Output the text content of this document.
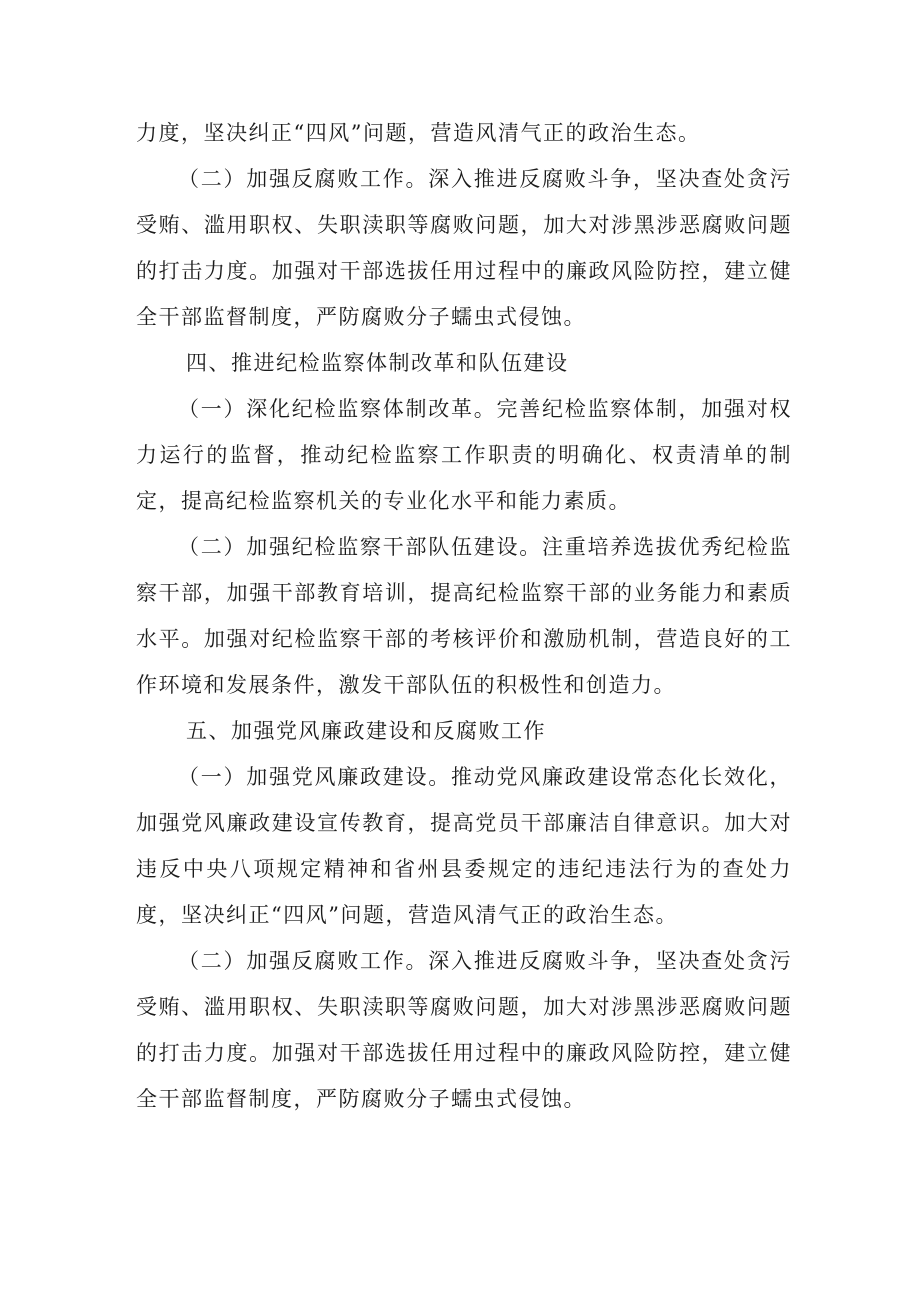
力度，坚决纠正“四风”问题，营造风清气正的政治生态。

（二）加强反腐败工作。深入推进反腐败斗争，坚决查处贪污受贿、滥用职权、失职渎职等腐败问题，加大对涉黑涉恶腐败问题的打击力度。加强对干部选拔任用过程中的廉政风险防控，建立健全干部监督制度，严防腐败分子蠕虫式侵蚀。

四、推进纪检监察体制改革和队伍建设

（一）深化纪检监察体制改革。完善纪检监察体制，加强对权力运行的监督，推动纪检监察工作职责的明确化、权责清单的制定，提高纪检监察机关的专业化水平和能力素质。

（二）加强纪检监察干部队伍建设。注重培养选拔优秀纪检监察干部，加强干部教育培训，提高纪检监察干部的业务能力和素质水平。加强对纪检监察干部的考核评价和激励机制，营造良好的工作环境和发展条件，激发干部队伍的积极性和创造力。

五、加强党风廉政建设和反腐败工作

（一）加强党风廉政建设。推动党风廉政建设常态化长效化，加强党风廉政建设宣传教育，提高党员干部廉洁自律意识。加大对违反中央八项规定精神和省州县委规定的违纪违法行为的查处力度，坚决纠正“四风”问题，营造风清气正的政治生态。

（二）加强反腐败工作。深入推进反腐败斗争，坚决查处贪污受贿、滥用职权、失职渎职等腐败问题，加大对涉黑涉恶腐败问题的打击力度。加强对干部选拔任用过程中的廉政风险防控，建立健全干部监督制度，严防腐败分子蠕虫式侵蚀。
